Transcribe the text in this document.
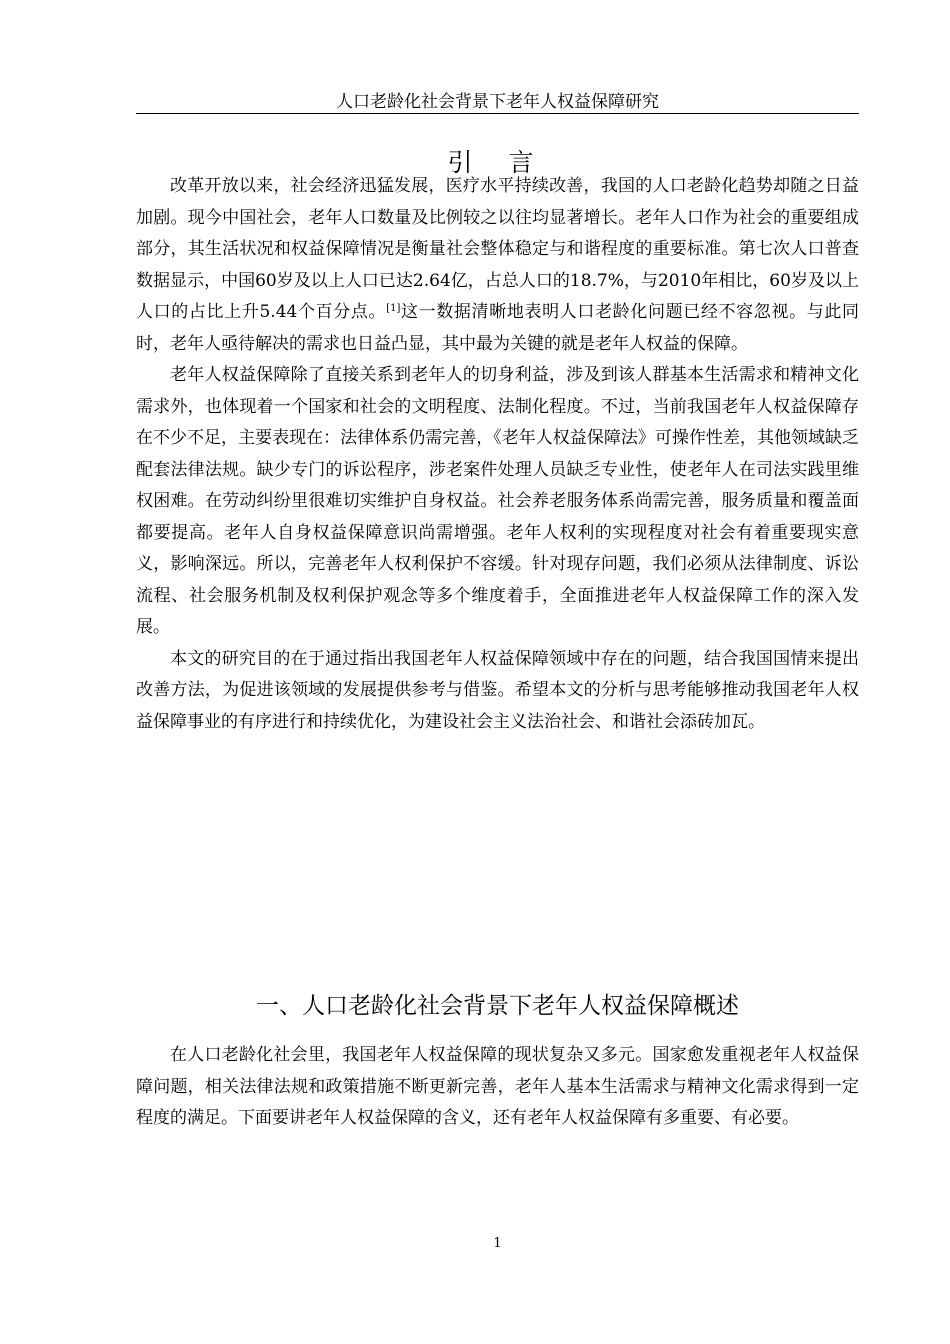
人口老龄化社会背景下老年人权益保障研究
引 言

改革开放以来，社会经济迅猛发展，医疗水平持续改善，我国的人口老龄化趋势却随之日益加剧。现今中国社会，老年人口数量及比例较之以往均显著增长。老年人口作为社会的重要组成部分，其生活状况和权益保障情况是衡量社会整体稳定与和谐程度的重要标准。第七次人口普查数据显示，中国60岁及以上人口已达2.64亿，占总人口的18.7%，与2010年相比，60岁及以上人口的占比上升5.44个百分点。[1]这一数据清晰地表明人口老龄化问题已经不容忽视。与此同时，老年人亟待解决的需求也日益凸显，其中最为关键的就是老年人权益的保障。

老年人权益保障除了直接关系到老年人的切身利益，涉及到该人群基本生活需求和精神文化需求外，也体现着一个国家和社会的文明程度、法制化程度。不过，当前我国老年人权益保障存在不少不足，主要表现在：法律体系仍需完善，《老年人权益保障法》可操作性差，其他领域缺乏配套法律法规。缺少专门的诉讼程序，涉老案件处理人员缺乏专业性，使老年人在司法实践里维权困难。在劳动纠纷里很难切实维护自身权益。社会养老服务体系尚需完善，服务质量和覆盖面都要提高。老年人自身权益保障意识尚需增强。老年人权利的实现程度对社会有着重要现实意义，影响深远。所以，完善老年人权利保护不容缓。针对现存问题，我们必须从法律制度、诉讼流程、社会服务机制及权利保护观念等多个维度着手，全面推进老年人权益保障工作的深入发展。

本文的研究目的在于通过指出我国老年人权益保障领域中存在的问题，结合我国国情来提出改善方法，为促进该领域的发展提供参考与借鉴。希望本文的分析与思考能够推动我国老年人权益保障事业的有序进行和持续优化，为建设社会主义法治社会、和谐社会添砖加瓦。

一、人口老龄化社会背景下老年人权益保障概述

在人口老龄化社会里，我国老年人权益保障的现状复杂又多元。国家愈发重视老年人权益保障问题，相关法律法规和政策措施不断更新完善，老年人基本生活需求与精神文化需求得到一定程度的满足。下面要讲老年人权益保障的含义，还有老年人权益保障有多重要、有必要。

1
